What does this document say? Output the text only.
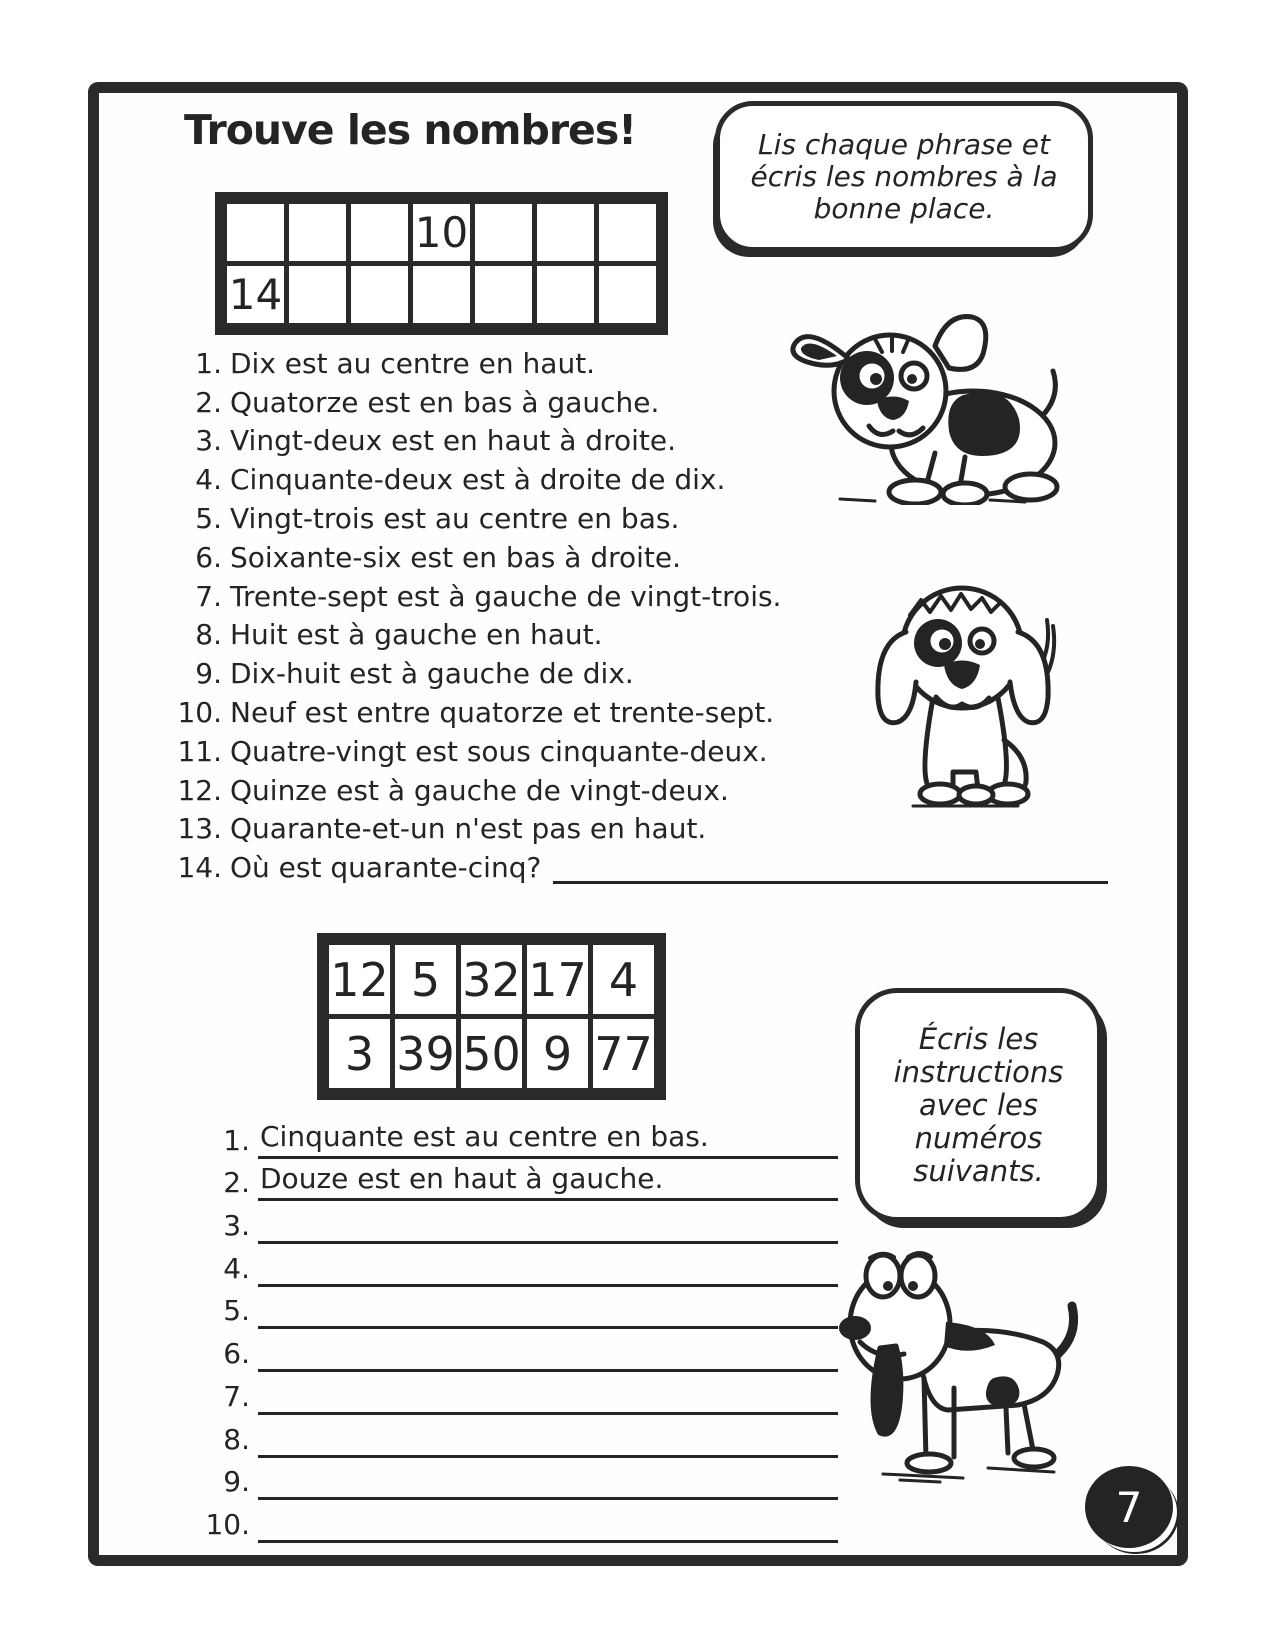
Trouve les nombres!	Lis chaque phrase et
écris les nombres à la
bonne place.
			10			
14						
1. Dix est au centre en haut.
2. Quatorze est en bas à gauche.
3. Vingt-deux est en haut à droite.
4. Cinquante-deux est à droite de dix.
5. Vingt-trois est au centre en bas.
6. Soixante-six est en bas à droite.
7. Trente-sept est à gauche de vingt-trois.
8. Huit est à gauche en haut.
9. Dix-huit est à gauche de dix.
10. Neuf est entre quatorze et trente-sept.
11. Quatre-vingt est sous cinquante-deux.
12. Quinze est à gauche de vingt-deux.
13. Quarante-et-un n'est pas en haut.
14. Où est quarante-cinq?
12	5	32	17	4
3	39	50	9	77	Écris les
instructions
avec les
numéros
suivants.
1. Cinquante est au centre en bas.
2. Douze est en haut à gauche.
3.
4.
5.
6.
7.
8.
9.
10.	7
